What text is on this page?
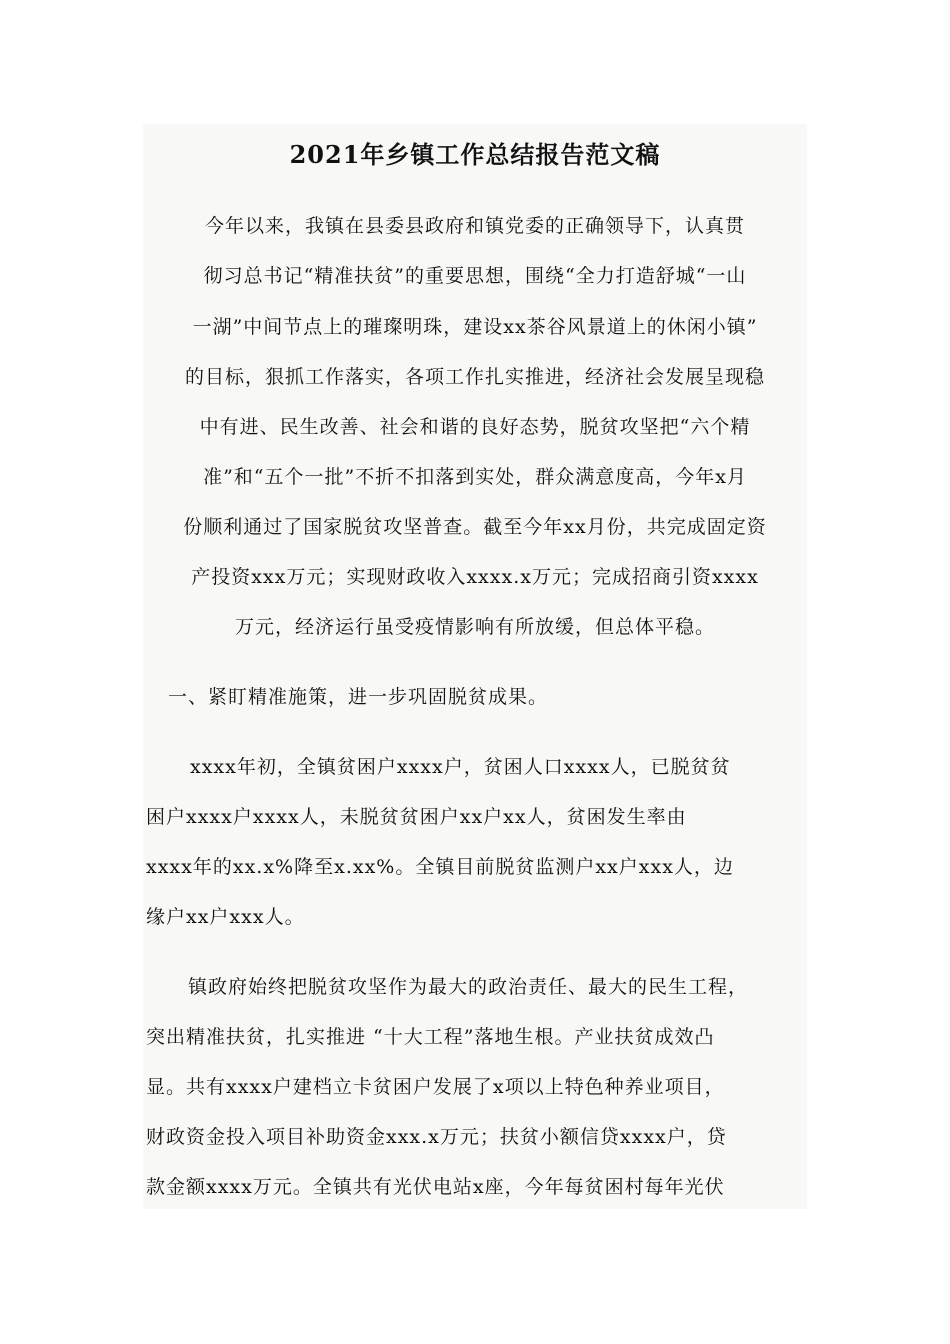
2021年乡镇工作总结报告范文稿
今年以来，我镇在县委县政府和镇党委的正确领导下，认真贯
彻习总书记“精准扶贫”的重要思想，围绕“全力打造舒城“一山
一湖”中间节点上的璀璨明珠，建设xx茶谷风景道上的休闲小镇”
的目标，狠抓工作落实，各项工作扎实推进，经济社会发展呈现稳
中有进、民生改善、社会和谐的良好态势，脱贫攻坚把“六个精
准”和“五个一批”不折不扣落到实处，群众满意度高，今年x月
份顺利通过了国家脱贫攻坚普查。截至今年xx月份，共完成固定资
产投资xxx万元；实现财政收入xxxx.x万元；完成招商引资xxxx
万元，经济运行虽受疫情影响有所放缓，但总体平稳。
一、紧盯精准施策，进一步巩固脱贫成果。
xxxx年初，全镇贫困户xxxx户，贫困人口xxxx人，已脱贫贫
困户xxxx户xxxx人，未脱贫贫困户xx户xx人，贫困发生率由
xxxx年的xx.x%降至x.xx%。全镇目前脱贫监测户xx户xxx人，边
缘户xx户xxx人。
镇政府始终把脱贫攻坚作为最大的政治责任、最大的民生工程，
突出精准扶贫，扎实推进 “十大工程”落地生根。产业扶贫成效凸
显。共有xxxx户建档立卡贫困户发展了x项以上特色种养业项目，
财政资金投入项目补助资金xxx.x万元；扶贫小额信贷xxxx户，贷
款金额xxxx万元。全镇共有光伏电站x座，今年每贫困村每年光伏
